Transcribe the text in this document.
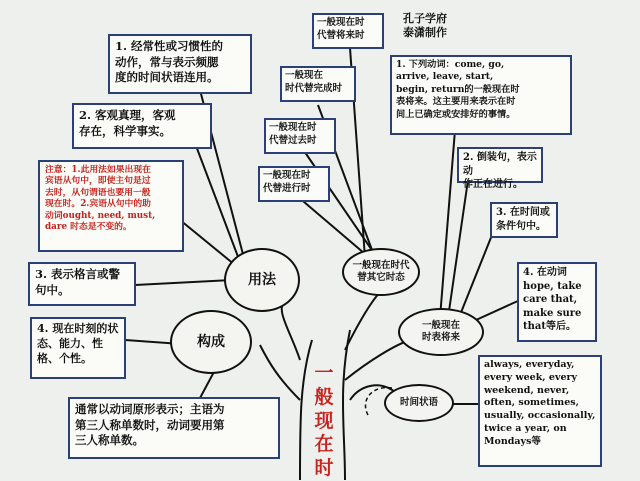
孔子学府
泰潇制作
1. 经常性或习惯性的
动作，常与表示频腮
度的时间状语连用。
2. 客观真理，客观
存在，科学事实。
注意：1.此用法如果出现在
宾语从句中，即使主句是过
去时，从句谓语也要用一般
现在时。2.宾语从句中的助
动词ought, need, must,
dare 时态是不变的。
3. 表示格言或警
句中。
4. 现在时刻的状
态、能力、性
格、个性。
通常以动词原形表示；主语为
第三人称单数时，动词要用第
三人称单数。
用法
构成
一般现在时
代替将来时
一般现在
时代替完成时
一般现在时
代替过去时
一般现在时
代替进行时
一般现在时代
替其它时态
1. 下列动词：come, go,
arrive, leave, start,
begin, return的一般现在时
表将来。这主要用来表示在时
间上已确定或安排好的事情。
2. 倒装句，表示动
作正在进行。
3. 在时间或
条件句中。
4. 在动词
hope, take
care that,
make sure
that等后。
一般现在
时表将来
时间状语
always, everyday,
every week, every
weekend, never,
often, sometimes,
usually, occasionally,
twice a year, on
Mondays等
一般现在时
